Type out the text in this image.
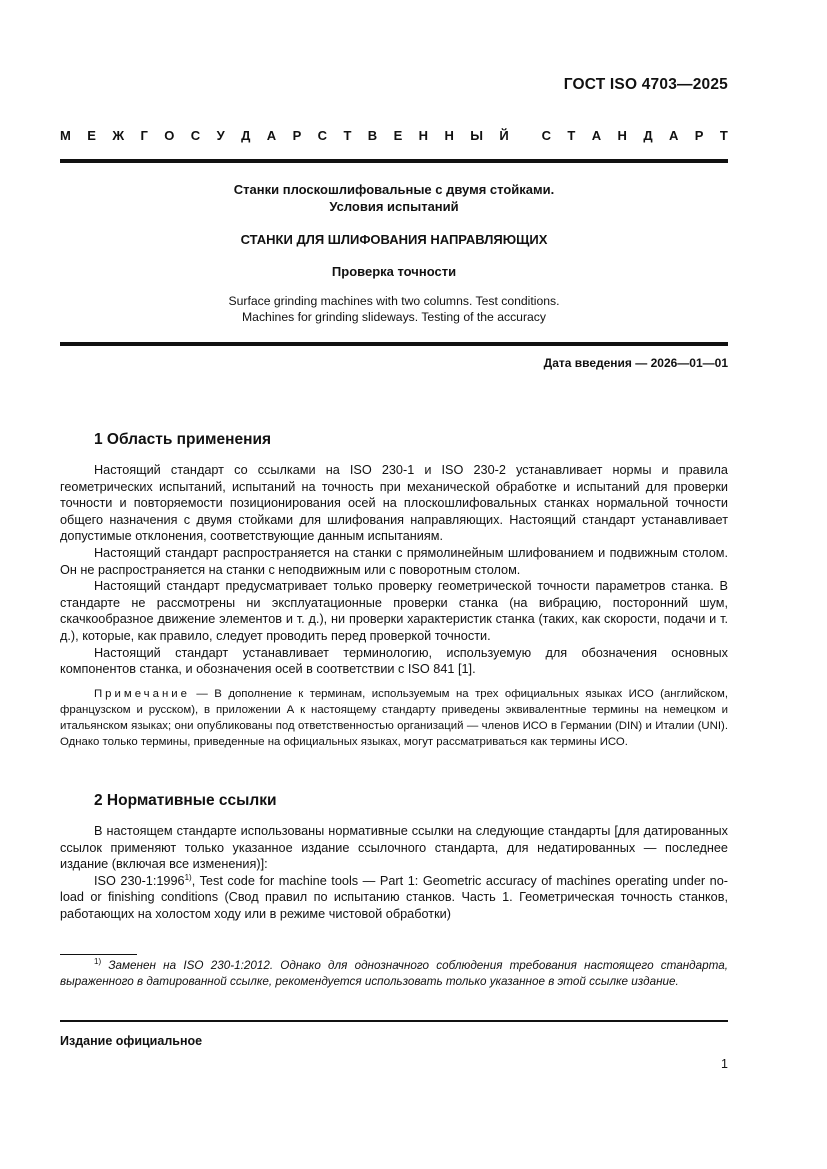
ГОСТ ISO 4703—2025
М Е Ж Г О С У Д А Р С Т В Е Н Н Ы Й	С Т А Н Д А Р Т
Станки плоскошлифовальные с двумя стойками.
Условия испытаний
СТАНКИ ДЛЯ ШЛИФОВАНИЯ НАПРАВЛЯЮЩИХ
Проверка точности
Surface grinding machines with two columns. Test conditions.
Machines for grinding slideways. Testing of the accuracy
Дата введения — 2026—01—01
1 Область применения

Настоящий стандарт со ссылками на ISO 230-1 и ISO 230-2 устанавливает нормы и правила геометрических испытаний, испытаний на точность при механической обработке и испытаний для проверки точности и повторяемости позиционирования осей на плоскошлифовальных станках нормальной точности общего назначения с двумя стойками для шлифования направляющих. Настоящий стандарт устанавливает допустимые отклонения, соответствующие данным испытаниям.

Настоящий стандарт распространяется на станки с прямолинейным шлифованием и подвижным столом. Он не распространяется на станки с неподвижным или с поворотным столом.

Настоящий стандарт предусматривает только проверку геометрической точности параметров станка. В стандарте не рассмотрены ни эксплуатационные проверки станка (на вибрацию, посторонний шум, скачкообразное движение элементов и т. д.), ни проверки характеристик станка (таких, как скорости, подачи и т. д.), которые, как правило, следует проводить перед проверкой точности.

Настоящий стандарт устанавливает терминологию, используемую для обозначения основных компонентов станка, и обозначения осей в соответствии с ISO 841 [1].

Примечание — В дополнение к терминам, используемым на трех официальных языках ИСО (английском, французском и русском), в приложении А к настоящему стандарту приведены эквивалентные термины на немецком и итальянском языках; они опубликованы под ответственностью организаций — членов ИСО в Германии (DIN) и Италии (UNI). Однако только термины, приведенные на официальных языках, могут рассматриваться как термины ИСО.

2 Нормативные ссылки

В настоящем стандарте использованы нормативные ссылки на следующие стандарты [для датированных ссылок применяют только указанное издание ссылочного стандарта, для недатированных — последнее издание (включая все изменения)]:

ISO 230-1:1996$^{1)}$, Test code for machine tools — Part 1: Geometric accuracy of machines operating under no-load or finishing conditions (Свод правил по испытанию станков. Часть 1. Геометрическая точность станков, работающих на холостом ходу или в режиме чистовой обработки)

$^{1)}$ Заменен на ISO 230-1:2012. Однако для однозначного соблюдения требования настоящего стандарта, выраженного в датированной ссылке, рекомендуется использовать только указанное в этой ссылке издание.

Издание официальное
1
